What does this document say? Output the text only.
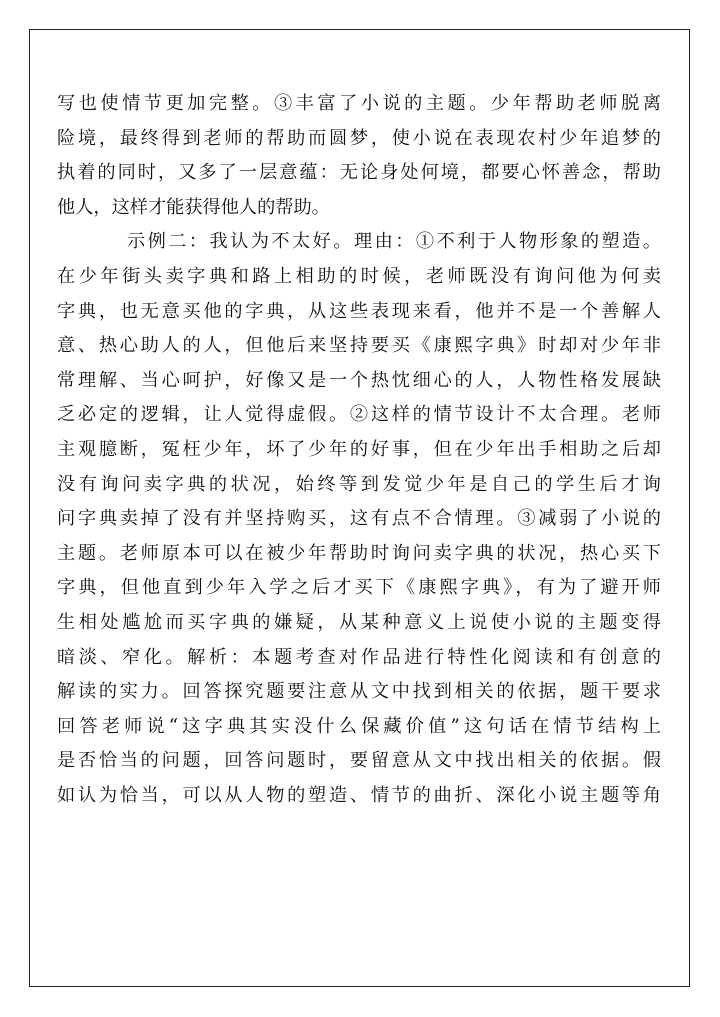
写也使情节更加完整。③丰富了小说的主题。少年帮助老师脱离
险境，最终得到老师的帮助而圆梦，使小说在表现农村少年追梦的
执着的同时，又多了一层意蕴：无论身处何境，都要心怀善念，帮助
他人，这样才能获得他人的帮助。
示例二：我认为不太好。理由：①不利于人物形象的塑造。
在少年街头卖字典和路上相助的时候，老师既没有询问他为何卖
字典，也无意买他的字典，从这些表现来看，他并不是一个善解人
意、热心助人的人，但他后来坚持要买《康熙字典》时却对少年非
常理解、当心呵护，好像又是一个热忱细心的人，人物性格发展缺
乏必定的逻辑，让人觉得虚假。②这样的情节设计不太合理。老师
主观臆断，冤枉少年，坏了少年的好事，但在少年出手相助之后却
没有询问卖字典的状况，始终等到发觉少年是自己的学生后才询
问字典卖掉了没有并坚持购买，这有点不合情理。③减弱了小说的
主题。老师原本可以在被少年帮助时询问卖字典的状况，热心买下
字典，但他直到少年入学之后才买下《康熙字典》，有为了避开师
生相处尴尬而买字典的嫌疑，从某种意义上说使小说的主题变得
暗淡、窄化。解析：本题考查对作品进行特性化阅读和有创意的
解读的实力。回答探究题要注意从文中找到相关的依据，题干要求
回答老师说“这字典其实没什么保藏价值”这句话在情节结构上
是否恰当的问题，回答问题时，要留意从文中找出相关的依据。假
如认为恰当，可以从人物的塑造、情节的曲折、深化小说主题等角
